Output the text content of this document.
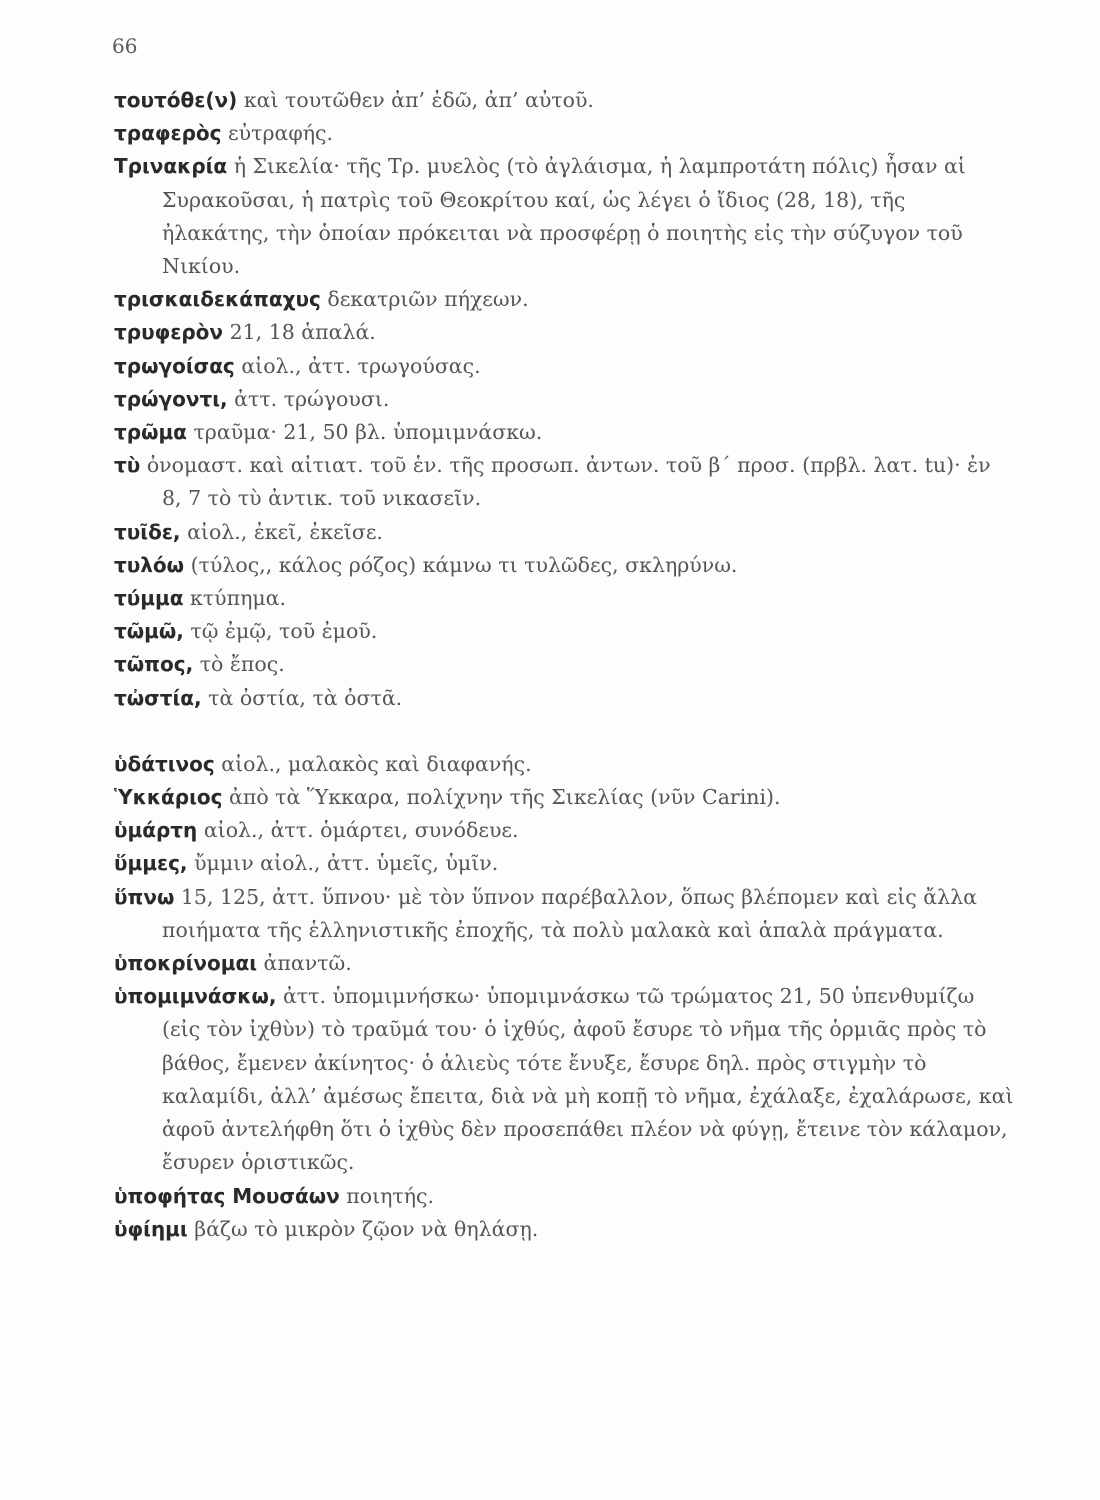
66

τουτόθε(ν) καὶ τουτῶθεν ἀπ’ ἐδῶ, ἀπ’ αὐτοῦ.

τραφερὸς εὐτραφής.

Τρινακρία ἡ Σικελία· τῆς Τρ. μυελὸς (τὸ ἀγλάισμα, ἡ λαμπροτάτη πόλις) ἦσαν αἱ Συρακοῦσαι, ἡ πατρὶς τοῦ Θεοκρίτου καί, ὡς λέγει ὁ ἴδιος (28, 18), τῆς ἠλακάτης, τὴν ὁποίαν πρόκειται νὰ προσφέρῃ ὁ ποιητὴς εἰς τὴν σύζυγον τοῦ Νικίου.

τρισκαιδεκάπαχυς δεκατριῶν πήχεων.

τρυφερὸν 21, 18 ἁπαλά.

τρωγοίσας αἰολ., ἀττ. τρωγούσας.

τρώγοντι, ἀττ. τρώγουσι.

τρῶμα τραῦμα· 21, 50 βλ. ὑπομιμνάσκω.

τὺ ὀνομαστ. καὶ αἰτιατ. τοῦ ἑν. τῆς προσωπ. ἀντων. τοῦ β΄ προσ. (πρβλ. λατ. tu)· ἐν 8, 7 τὸ τὺ ἀντικ. τοῦ νικασεῖν.

τυῖδε, αἰολ., ἐκεῖ, ἐκεῖσε.

τυλόω (τύλος,, κάλος ρόζος) κάμνω τι τυλῶδες, σκληρύνω.

τύμμα κτύπημα.

τῶμῶ, τῷ ἐμῷ, τοῦ ἐμοῦ.

τῶπος, τὸ ἔπος.

τὠστία, τὰ ὀστία, τὰ ὀστᾶ.

ὑδάτινος αἰολ., μαλακὸς καὶ διαφανής.

Ὑκκάριος ἀπὸ τὰ Ὕκκαρα, πολίχνην τῆς Σικελίας (νῦν Carini).

ὑμάρτη αἰολ., ἀττ. ὁμάρτει, συνόδευε.

ὕμμες, ὔμμιν αἰολ., ἀττ. ὑμεῖς, ὑμῖν.

ὕπνω 15, 125, ἀττ. ὕπνου· μὲ τὸν ὕπνον παρέβαλλον, ὅπως βλέπομεν καὶ εἰς ἄλλα ποιήματα τῆς ἑλληνιστικῆς ἐποχῆς, τὰ πολὺ μαλακὰ καὶ ἁπαλὰ πράγματα.

ὑποκρίνομαι ἀπαντῶ.

ὑπομιμνάσκω, ἀττ. ὑπομιμνήσκω· ὑπομιμνάσκω τῶ τρώματος 21, 50 ὑπενθυμίζω (εἰς τὸν ἰχθὺν) τὸ τραῦμά του· ὁ ἰχθύς, ἀφοῦ ἔσυρε τὸ νῆμα τῆς ὁρμιᾶς πρὸς τὸ βάθος, ἔμενεν ἀκίνητος· ὁ ἁλιεὺς τότε ἔνυξε, ἔσυρε δηλ. πρὸς στιγμὴν τὸ καλαμίδι, ἀλλ’ ἀμέσως ἔπειτα, διὰ νὰ μὴ κοπῇ τὸ νῆμα, ἐχάλαξε, ἐχαλάρωσε, καὶ ἀφοῦ ἀντελήφθη ὅτι ὁ ἰχθὺς δὲν προσεπάθει πλέον νὰ φύγῃ, ἔτεινε τὸν κάλαμον, ἔσυρεν ὁριστικῶς.

ὑποφήτας Μουσάων ποιητής.

ὑφίημι βάζω τὸ μικρὸν ζῷον νὰ θηλάσῃ.
